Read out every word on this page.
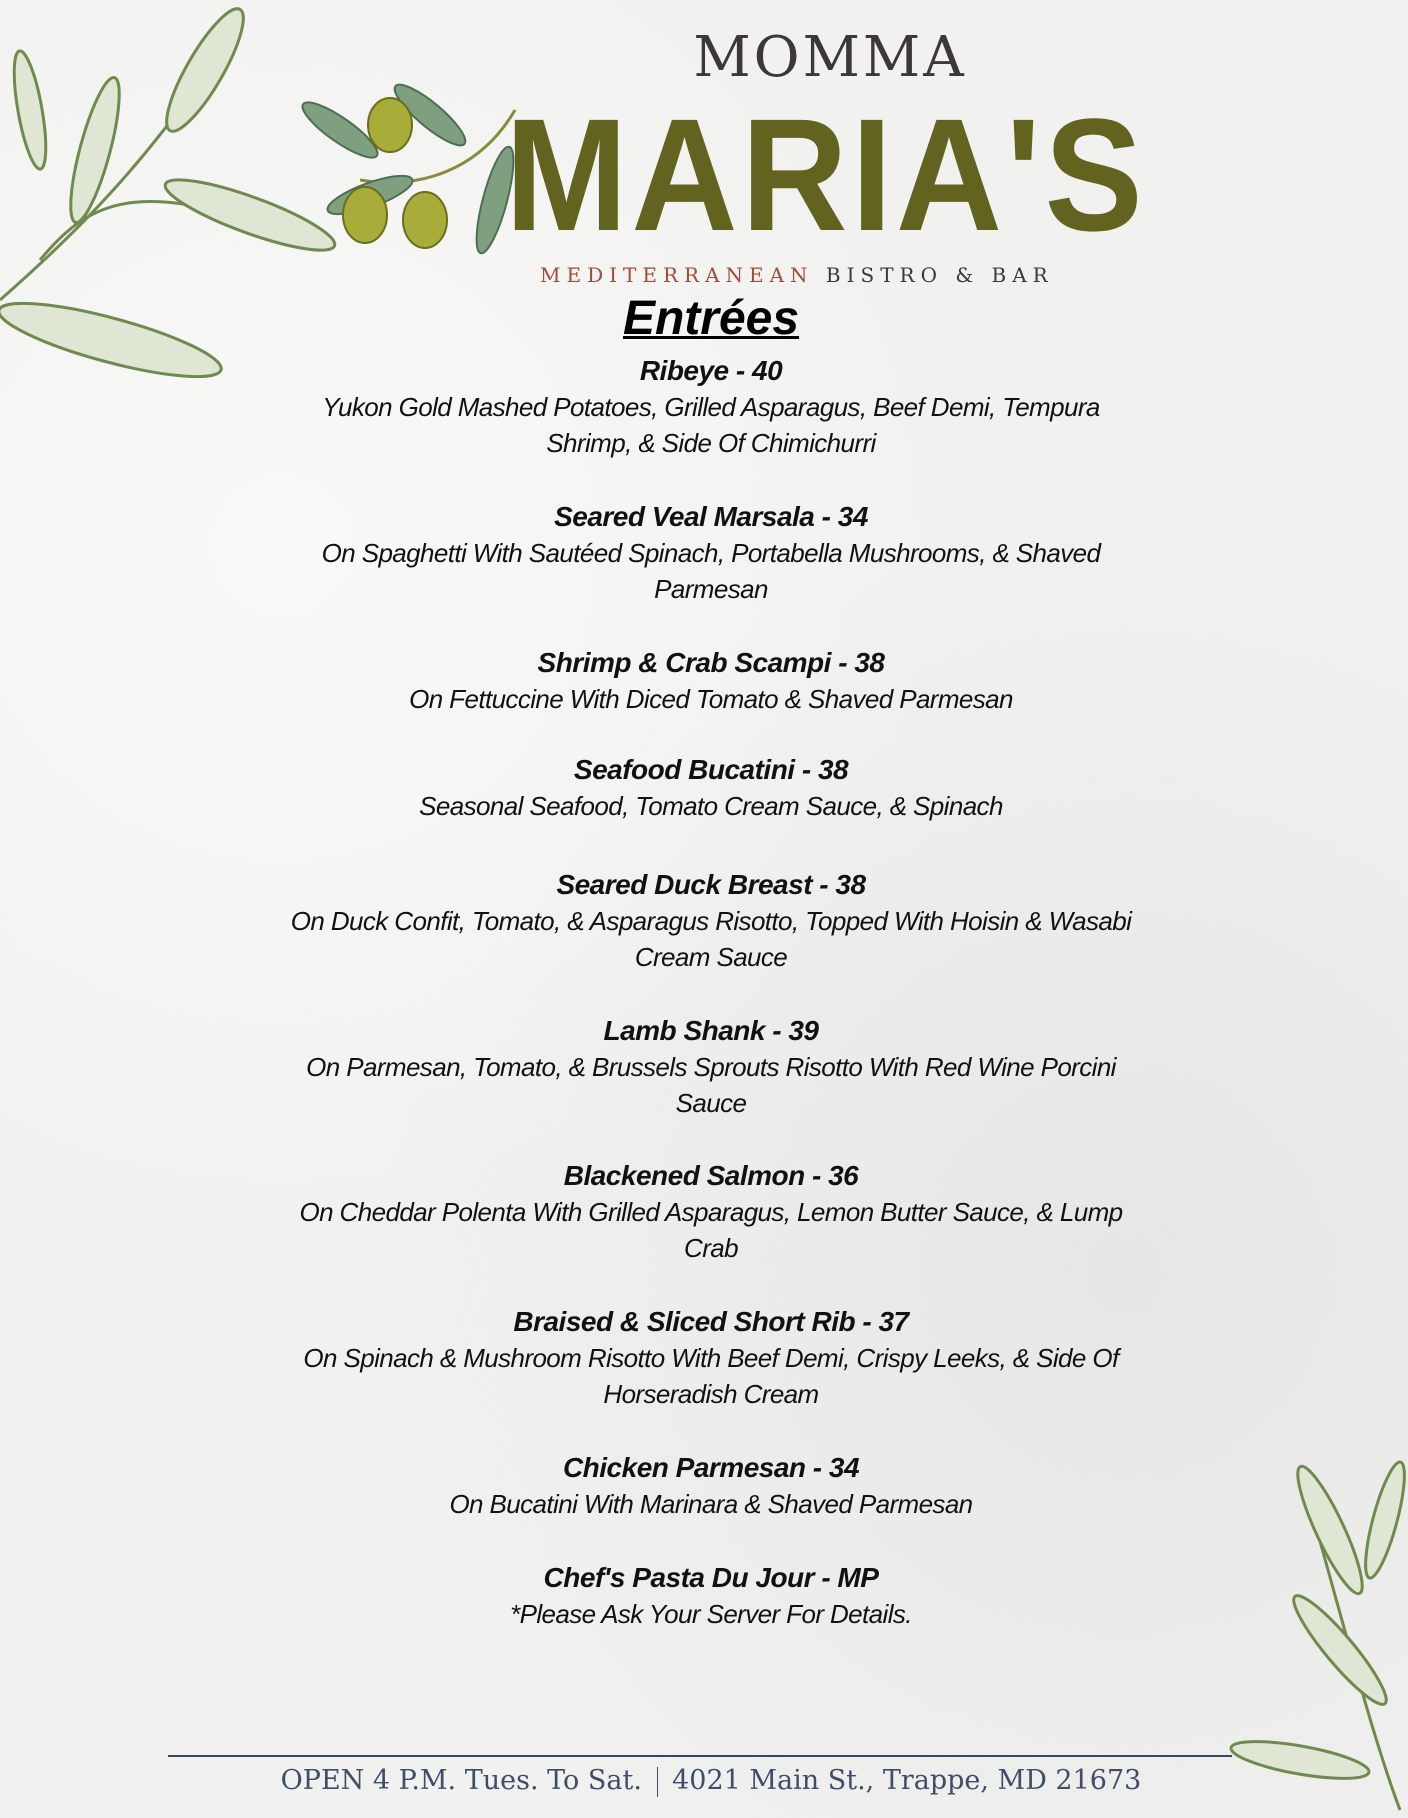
MOMMA
MARIA'S
MEDITERRANEAN BISTRO & BAR
Entrées
Ribeye - 40
Yukon Gold Mashed Potatoes, Grilled Asparagus, Beef Demi, Tempura
Shrimp, & Side Of Chimichurri
Seared Veal Marsala - 34
On Spaghetti With Sautéed Spinach, Portabella Mushrooms, & Shaved
Parmesan
Shrimp & Crab Scampi - 38
On Fettuccine With Diced Tomato & Shaved Parmesan
Seafood Bucatini - 38
Seasonal Seafood, Tomato Cream Sauce, & Spinach
Seared Duck Breast - 38
On Duck Confit, Tomato, & Asparagus Risotto, Topped With Hoisin & Wasabi
Cream Sauce
Lamb Shank - 39
On Parmesan, Tomato, & Brussels Sprouts Risotto With Red Wine Porcini
Sauce
Blackened Salmon - 36
On Cheddar Polenta With Grilled Asparagus, Lemon Butter Sauce, & Lump
Crab
Braised & Sliced Short Rib - 37
On Spinach & Mushroom Risotto With Beef Demi, Crispy Leeks, & Side Of
Horseradish Cream
Chicken Parmesan - 34
On Bucatini With Marinara & Shaved Parmesan
Chef's Pasta Du Jour - MP
*Please Ask Your Server For Details.
OPEN 4 P.M. Tues. To Sat. 4021 Main St., Trappe, MD 21673
